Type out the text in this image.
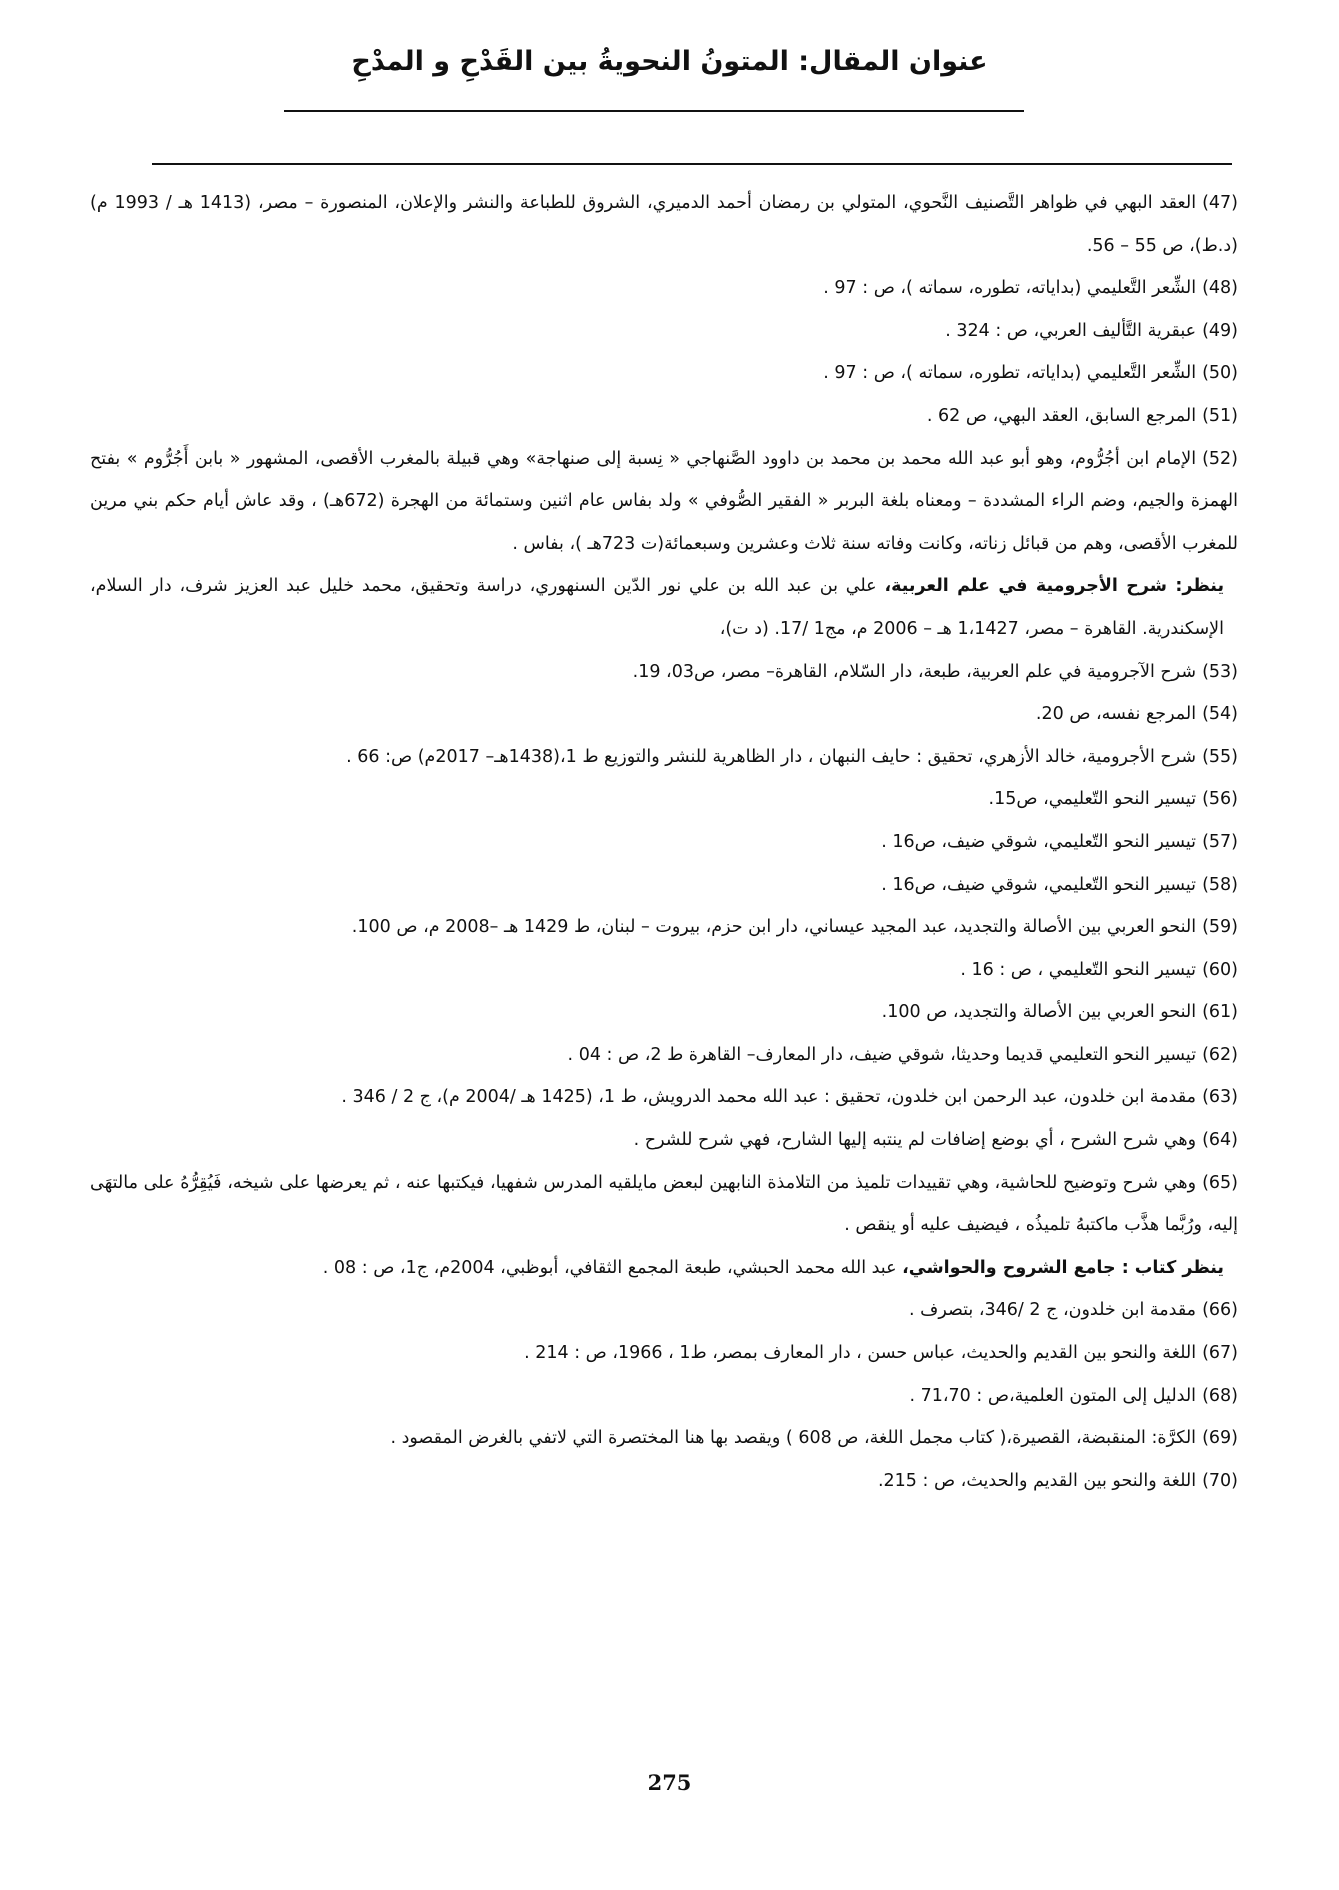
عنوان المقال: المتونُ النحويةُ بين القَدْحِ و المدْحِ

(47)العقد البهي في ظواهر التَّصنيف النَّحوي، المتولي بن رمضان أحمد الدميري، الشروق للطباعة والنشر والإعلان، المنصورة – مصر، (1413 هـ / 1993 م) (د.ط)، ص 55 – 56.

(48)الشِّعر التَّعليمي (بداياته، تطوره، سماته )، ص : 97 .

(49)عبقرية التَّأليف العربي، ص : 324 .

(50)الشِّعر التَّعليمي (بداياته، تطوره، سماته )، ص : 97 .

(51)المرجع السابق، العقد البهي، ص 62 .

(52)الإمام ابن أجُرُّوم، وهو أبو عبد الله محمد بن محمد بن داوود الصَّنهاجي « نِسبة إلى صنهاجة» وهي قبيلة بالمغرب الأقصى، المشهور « بابن أَجُرُّوم » بفتح الهمزة والجيم، وضم الراء المشددة – ومعناه بلغة البربر « الفقير الصُّوفي » ولد بفاس عام اثنين وستمائة من الهجرة (672هـ) ، وقد عاش أيام حكم بني مرين للمغرب الأقصى، وهم من قبائل زناته، وكانت وفاته سنة ثلاث وعشرين وسبعمائة(ت 723هـ )، بفاس .

ينظر: شرح الأجرومية في علم العربية، علي بن عبد الله بن علي نور الدّين السنهوري، دراسة وتحقيق، محمد خليل عبد العزيز شرف، دار السلام، الإسكندرية. القاهرة – مصر، 1،1427 هـ – 2006 م، مج1 /17. (د ت)،

(53)شرح الآجرومية في علم العربية، طبعة، دار السّلام، القاهرة– مصر، ص03، 19.

(54)المرجع نفسه، ص 20.

(55)شرح الأجرومية، خالد الأزهري، تحقيق : حايف النبهان ، دار الظاهرية للنشر والتوزيع ط 1،(1438هـ– 2017م) ص: 66 .

(56)تيسير النحو التّعليمي، ص15.

(57)تيسير النحو التّعليمي، شوقي ضيف، ص16 .

(58)تيسير النحو التّعليمي، شوقي ضيف، ص16 .

(59)النحو العربي بين الأصالة والتجديد، عبد المجيد عيساني، دار ابن حزم، بيروت – لبنان، ط 1429 هـ –2008 م، ص 100.

(60)تيسير النحو التّعليمي ، ص : 16 .

(61)النحو العربي بين الأصالة والتجديد، ص 100.

(62)تيسير النحو التعليمي قديما وحديثا، شوقي ضيف، دار المعارف– القاهرة ط 2، ص : 04 .

(63)مقدمة ابن خلدون، عبد الرحمن ابن خلدون، تحقيق : عبد الله محمد الدرويش، ط 1، (1425 هـ /2004 م)، ج 2 / 346 .

(64)وهي شرح الشرح ، أي بوضع إضافات لم ينتبه إليها الشارح، فهي شرح للشرح .

(65)وهي شرح وتوضيح للحاشية، وهي تقييدات تلميذ من التلامذة النابهين لبعض مايلقيه المدرس شفهيا، فيكتبها عنه ، ثم يعرضها على شيخه، فَيُقِرُّهُ على مالتهَى إليه، ورُبَّما هذَّب ماكتبهُ تلميذُه ، فيضيف عليه أو ينقص .

ينظر كتاب : جامع الشروح والحواشي، عبد الله محمد الحبشي، طبعة المجمع الثقافي، أبوظبي، 2004م، ج1، ص : 08 .

(66)مقدمة ابن خلدون، ج 2 /346، بتصرف .

(67)اللغة والنحو بين القديم والحديث، عباس حسن ، دار المعارف بمصر، ط1 ، 1966، ص : 214 .

(68)الدليل إلى المتون العلمية،ص : 71،70 .

(69)الكرَّة: المنقبضة، القصيرة،( كتاب مجمل اللغة، ص 608 ) ويقصد بها هنا المختصرة التي لاتفي بالغرض المقصود .

(70)اللغة والنحو بين القديم والحديث، ص : 215.

275
